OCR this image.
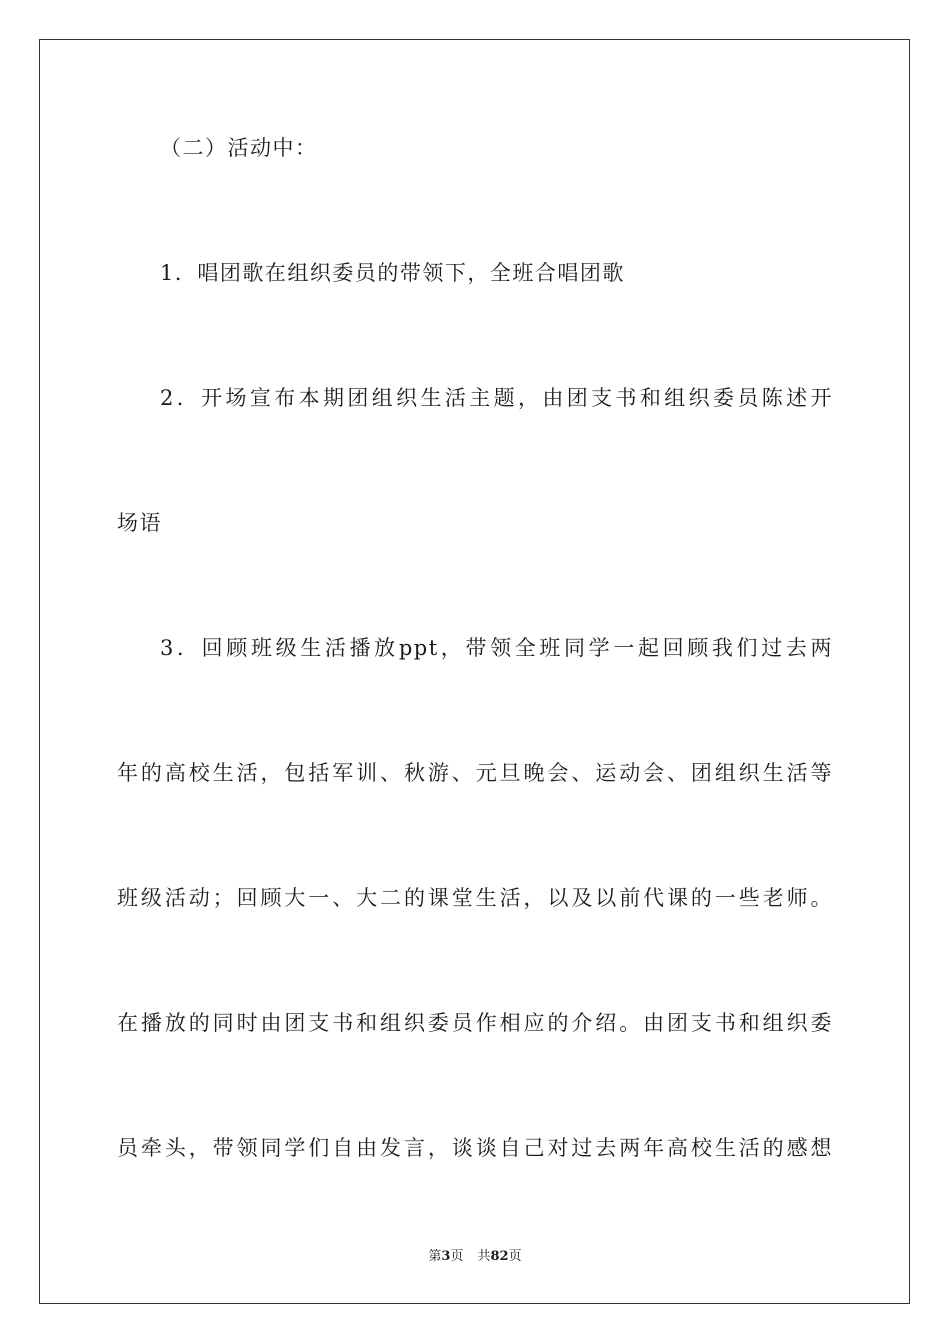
（二）活动中：
1．唱团歌在组织委员的带领下，全班合唱团歌
2．开场宣布本期团组织生活主题，由团支书和组织委员陈述开
场语
3．回顾班级生活播放ppt，带领全班同学一起回顾我们过去两
年的高校生活，包括军训、秋游、元旦晚会、运动会、团组织生活等
班级活动；回顾大一、大二的课堂生活，以及以前代课的一些老师。
在播放的同时由团支书和组织委员作相应的介绍。由团支书和组织委
员牵头，带领同学们自由发言，谈谈自己对过去两年高校生活的感想
第3页 共82页
